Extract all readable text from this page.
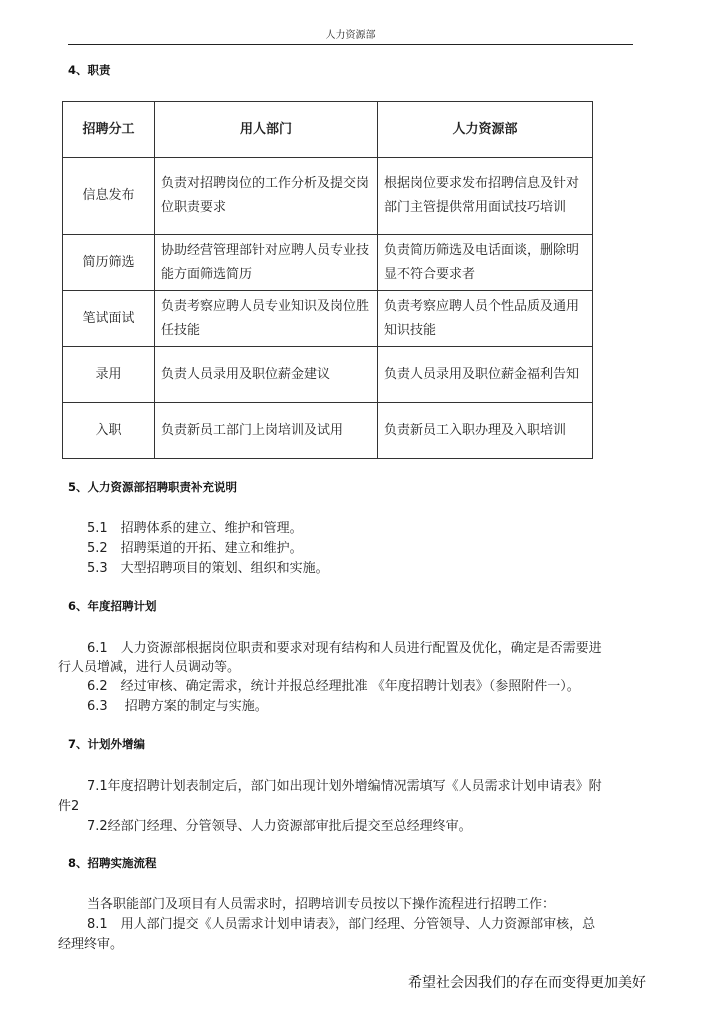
人力资源部
4、职责
招聘分工	用人部门	人力资源部
信息发布	负责对招聘岗位的工作分析及提交岗位职责要求	根据岗位要求发布招聘信息及针对部门主管提供常用面试技巧培训
简历筛选	协助经营管理部针对应聘人员专业技能方面筛选简历	负责简历筛选及电话面谈，删除明显不符合要求者
笔试面试	负责考察应聘人员专业知识及岗位胜任技能	负责考察应聘人员个性品质及通用知识技能
录用	负责人员录用及职位薪金建议	负责人员录用及职位薪金福利告知
入职	负责新员工部门上岗培训及试用	负责新员工入职办理及入职培训
5、人力资源部招聘职责补充说明
5.1　招聘体系的建立、维护和管理。
5.2　招聘渠道的开拓、建立和维护。
5.3　大型招聘项目的策划、组织和实施。
6、年度招聘计划
6.1　人力资源部根据岗位职责和要求对现有结构和人员进行配置及优化，确定是否需要进
行人员增减，进行人员调动等。
6.2　经过审核、确定需求，统计并报总经理批准 《年度招聘计划表》（参照附件一）。
6.3　 招聘方案的制定与实施。
7、计划外增编
7.1年度招聘计划表制定后，部门如出现计划外增编情况需填写《人员需求计划申请表》附
件2
7.2经部门经理、分管领导、人力资源部审批后提交至总经理终审。
8、招聘实施流程
当各职能部门及项目有人员需求时，招聘培训专员按以下操作流程进行招聘工作：
8.1　用人部门提交《人员需求计划申请表》，部门经理、分管领导、人力资源部审核，总
经理终审。
希望社会因我们的存在而变得更加美好
